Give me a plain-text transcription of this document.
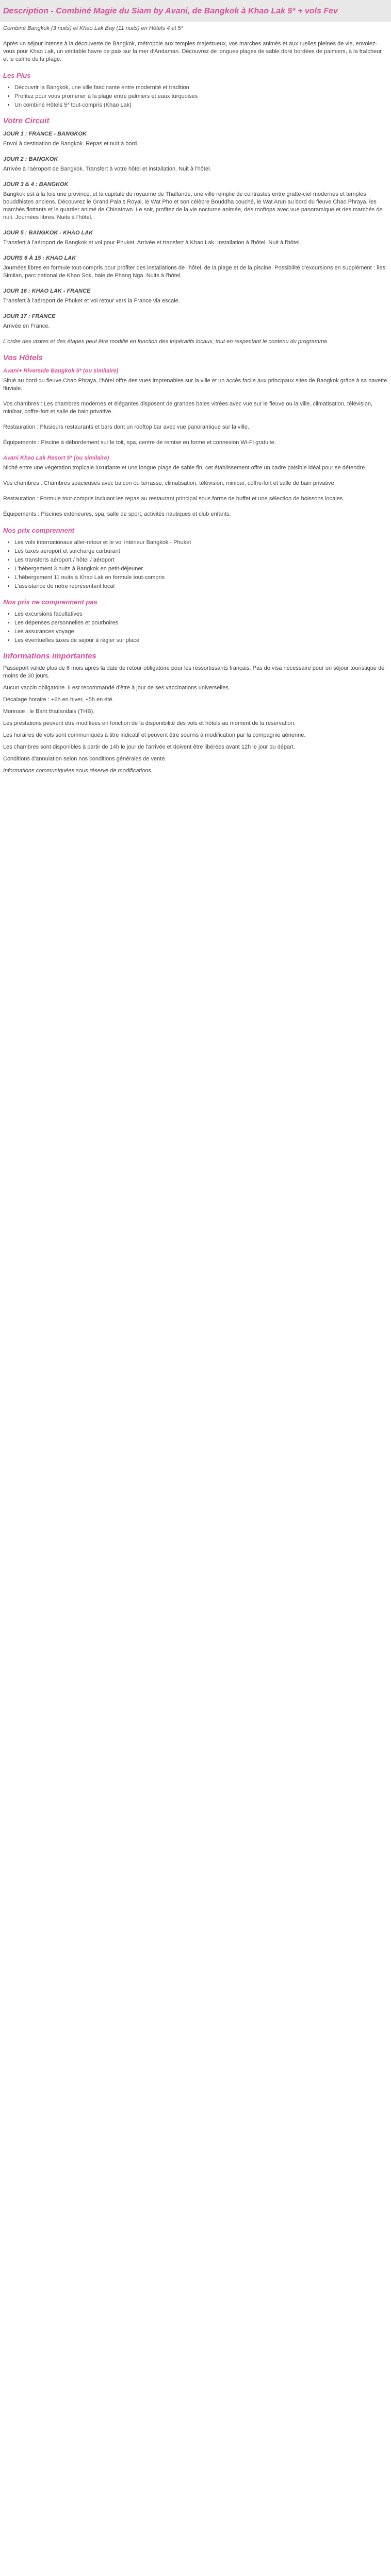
Description - Combiné Magie du Siam by Avani, de Bangkok à Khao Lak 5* + vols Fev

Combiné Bangkok (3 nuits) et Khao Lak Bay (11 nuits) en Hôtels 4 et 5*

Après un séjour intense à la découverte de Bangkok, métropole aux temples majestueux, vos marches animés et aux ruelles pleines de vie, envolez-vous pour Khao Lak, un véritable havre de paix sur la mer d'Andaman. Découvrez de longues plages de sable doré bordées de palmiers, à la fraîcheur et le calme de la plage.

Les Plus
• Découvrir la Bangkok, une ville fascinante entre modernité et tradition
• Profitez pour vous promener à la plage entre palmiers et eaux turquoises
• Un combiné Hôtels 5* tout-compris (Khao Lak)
Votre Circuit
JOUR 1 : FRANCE - BANGKOK

Envol à destination de Bangkok. Repas et nuit à bord.

JOUR 2 : BANGKOK

Arrivée à l'aéroport de Bangkok. Transfert à votre hôtel et installation. Nuit à l'hôtel.

JOUR 3 & 4 : BANGKOK

Bangkok est à la fois une province, et la capitale du royaume de Thaïlande, une ville remplie de contrastes entre gratte-ciel modernes et temples bouddhistes anciens. Découvrez le Grand Palais Royal, le Wat Pho et son célèbre Bouddha couché, le Wat Arun au bord du fleuve Chao Phraya, les marchés flottants et le quartier animé de Chinatown. Le soir, profitez de la vie nocturne animée, des rooftops avec vue panoramique et des marchés de nuit. Journées libres. Nuits à l'hôtel.

JOUR 5 : BANGKOK - KHAO LAK

Transfert à l'aéroport de Bangkok et vol pour Phuket. Arrivée et transfert à Khao Lak. Installation à l'hôtel. Nuit à l'hôtel.

JOURS 6 À 15 : KHAO LAK

Journées libres en formule tout-compris pour profiter des installations de l'hôtel, de la plage et de la piscine. Possibilité d'excursions en supplément : îles Similan, parc national de Khao Sok, baie de Phang Nga. Nuits à l'hôtel.

JOUR 16 : KHAO LAK - FRANCE

Transfert à l'aéroport de Phuket et vol retour vers la France via escale.

JOUR 17 : FRANCE

Arrivée en France.

L'ordre des visites et des étapes peut être modifié en fonction des impératifs locaux, tout en respectant le contenu du programme.

Vos Hôtels
Avani+ Riverside Bangkok 5* (ou similaire)

Situé au bord du fleuve Chao Phraya, l'hôtel offre des vues imprenables sur la ville et un accès facile aux principaux sites de Bangkok grâce à sa navette fluviale.

Vos chambres : Les chambres modernes et élégantes disposent de grandes baies vitrées avec vue sur le fleuve ou la ville, climatisation, télévision, minibar, coffre-fort et salle de bain privative.

Restauration : Plusieurs restaurants et bars dont un rooftop bar avec vue panoramique sur la ville.

Équipements : Piscine à débordement sur le toit, spa, centre de remise en forme et connexion Wi-Fi gratuite.

Avani Khao Lak Resort 5* (ou similaire)

Niché entre une végétation tropicale luxuriante et une longue plage de sable fin, cet établissement offre un cadre paisible idéal pour se détendre.

Vos chambres : Chambres spacieuses avec balcon ou terrasse, climatisation, télévision, minibar, coffre-fort et salle de bain privative.

Restauration : Formule tout-compris incluant les repas au restaurant principal sous forme de buffet et une sélection de boissons locales.

Équipements : Piscines extérieures, spa, salle de sport, activités nautiques et club enfants.

Nos prix comprennent
• Les vols internationaux aller-retour et le vol intérieur Bangkok - Phuket
• Les taxes aéroport et surcharge carburant
• Les transferts aéroport / hôtel / aéroport
• L'hébergement 3 nuits à Bangkok en petit-déjeuner
• L'hébergement 11 nuits à Khao Lak en formule tout-compris
• L'assistance de notre représentant local
Nos prix ne comprennent pas
• Les excursions facultatives
• Les dépenses personnelles et pourboires
• Les assurances voyage
• Les éventuelles taxes de séjour à régler sur place
Informations importantes

Passeport valide plus de 6 mois après la date de retour obligatoire pour les ressortissants français. Pas de visa nécessaire pour un séjour touristique de moins de 30 jours.

Aucun vaccin obligatoire. Il est recommandé d'être à jour de ses vaccinations universelles.

Décalage horaire : +6h en hiver, +5h en été.

Monnaie : le Baht thaïlandais (THB).

Les prestations peuvent être modifiées en fonction de la disponibilité des vols et hôtels au moment de la réservation.

Les horaires de vols sont communiqués à titre indicatif et peuvent être soumis à modification par la compagnie aérienne.

Les chambres sont disponibles à partir de 14h le jour de l'arrivée et doivent être libérées avant 12h le jour du départ.

Conditions d'annulation selon nos conditions générales de vente.

Informations communiquées sous réserve de modifications.
